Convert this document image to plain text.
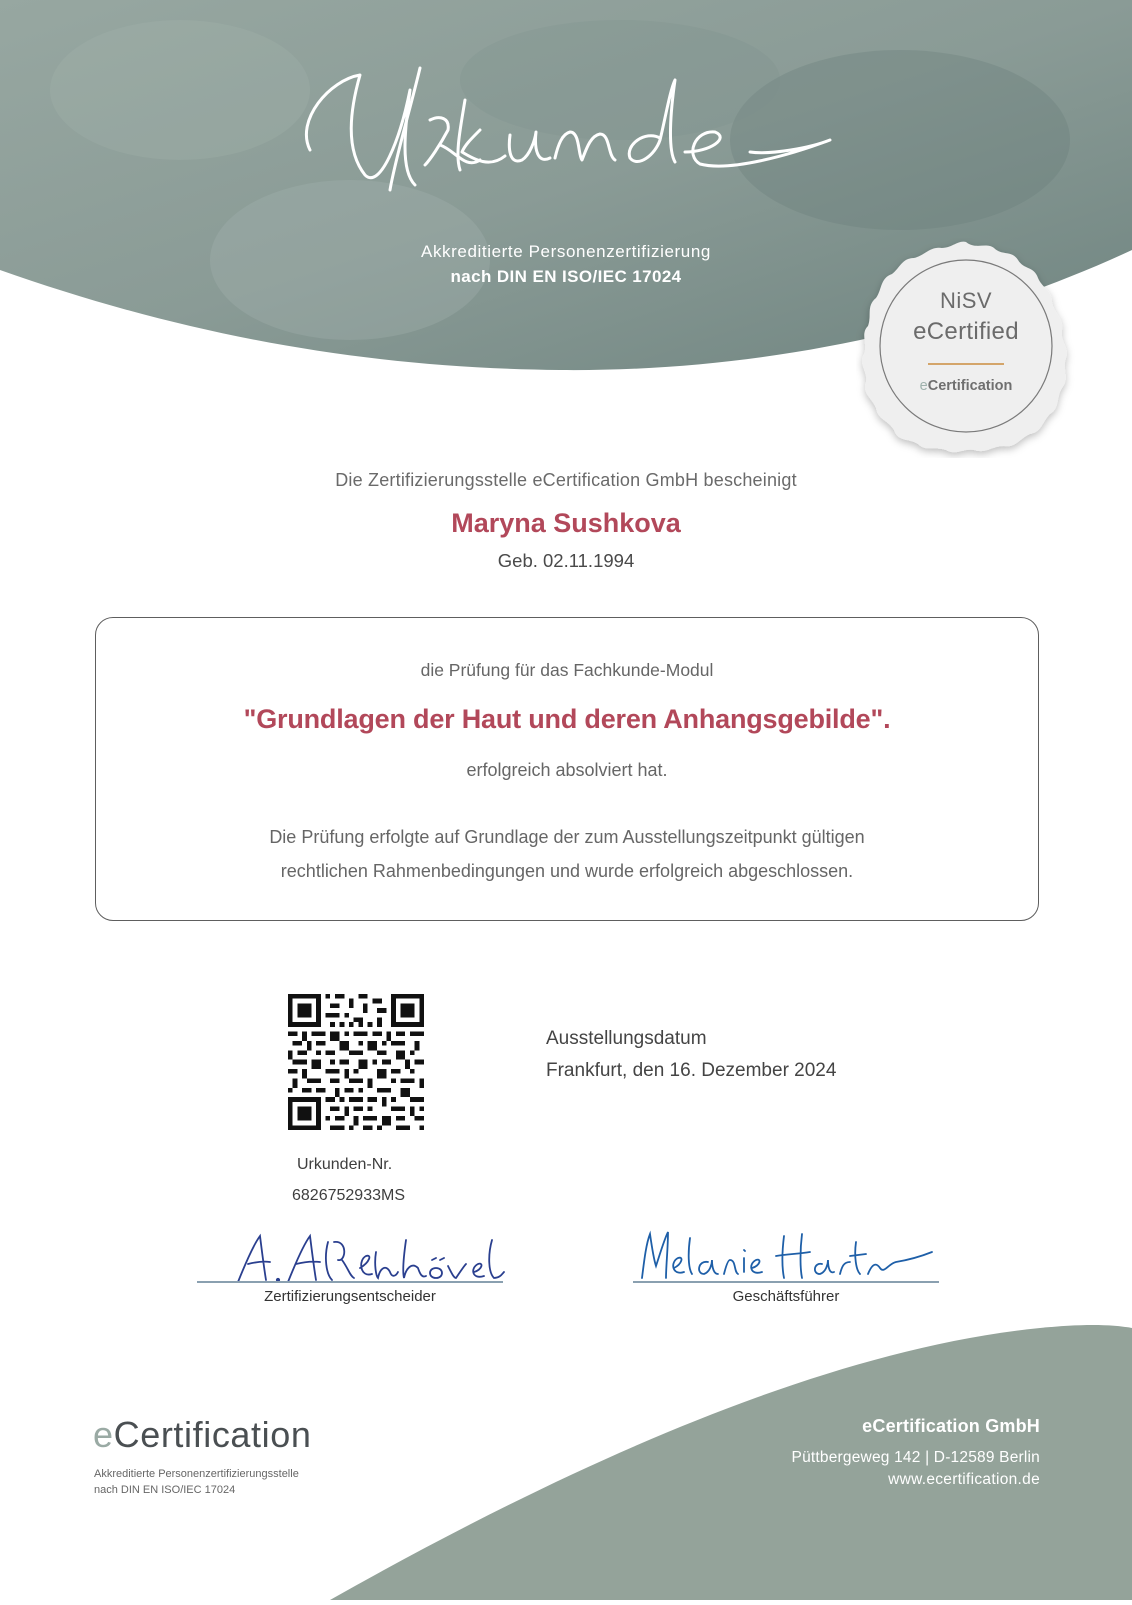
Akkreditierte Personenzertifizierung
nach DIN EN ISO/IEC 17024
NiSV
eCertified
eCertification
Die Zertifizierungsstelle eCertification GmbH bescheinigt
Maryna Sushkova
Geb. 02.11.1994
die Prüfung für das Fachkunde-Modul
"Grundlagen der Haut und deren Anhangsgebilde".
erfolgreich absolviert hat.
Die Prüfung erfolgte auf Grundlage der zum Ausstellungszeitpunkt gültigen
rechtlichen Rahmenbedingungen und wurde erfolgreich abgeschlossen.
Urkunden-Nr.
6826752933MS
Ausstellungsdatum
Frankfurt, den 16. Dezember 2024
Zertifizierungsentscheider	Geschäftsführer
eCertification
Akkreditierte Personenzertifizierungsstelle
nach DIN EN ISO/IEC 17024
eCertification GmbH
Püttbergeweg 142 | D-12589 Berlin
www.ecertification.de
